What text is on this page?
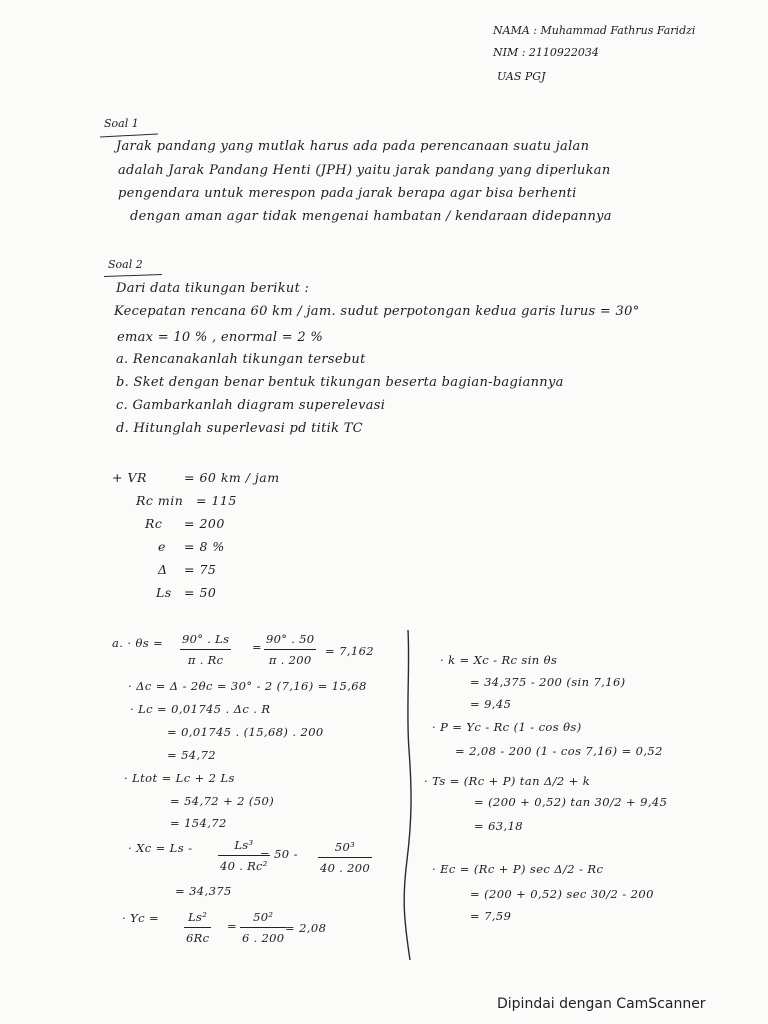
NAMA : Muhammad Fathrus Faridzi
NIM : 2110922034
UAS PGJ
Soal 1
Jarak pandang yang mutlak harus ada pada perencanaan suatu jalan
adalah Jarak Pandang Henti (JPH) yaitu jarak pandang yang diperlukan
pengendara untuk merespon pada jarak berapa agar bisa berhenti
dengan aman agar tidak mengenai hambatan / kendaraan didepannya
Soal 2
Dari data tikungan berikut :
Kecepatan rencana 60 km / jam. sudut perpotongan kedua garis lurus = 30°
emax = 10 % , enormal = 2 %
a. Rencanakanlah tikungan tersebut
b. Sket dengan benar bentuk tikungan beserta bagian-bagiannya
c. Gambarkanlah diagram superelevasi
d. Hitunglah superlevasi pd titik TC
+ VR	= 60 km / jam
Rc min = 115
Rc = 200
e = 8 %
Δ = 75
Ls = 50
a. · $\theta s = \frac{90^\circ . Ls}{\pi . Rc} = \frac{90^\circ . 50}{\pi . 200} = 7,162$
· Δc = Δ - 2θc = 30° - 2 (7,16) = 15,68
· Lc = 0,01745 . Δc . R
= 0,01745 . (15,68) . 200
= 54,72
· Ltot = Lc + 2 Ls
= 54,72 + 2 (50)
= 154,72
· $Xc = Ls - \frac{\text{Ls³}}{\text{40 . Rc²}}$
= $50 - \frac{\text{50³}}{40 . 200}$
= 34,375
· $Yc = \frac{\text{Ls²}}{6Rc} = \frac{\text{50²}}{6 . 200}$
= 2,08
· k = Xc - Rc sin θs
= 34,375 - 200 (sin 7,16)
= 9,45
· P = Yc - Rc (1 - cos θs)
= 2,08 - 200 (1 - cos 7,16) = 0,52
· Ts = (Rc + P) tan Δ/2 + k
= (200 + 0,52) tan 30/2 + 9,45
= 63,18
· Ec = (Rc + P) sec Δ/2 - Rc
= (200 + 0,52) sec 30/2 - 200
= 7,59
Dipindai dengan CamScanner
